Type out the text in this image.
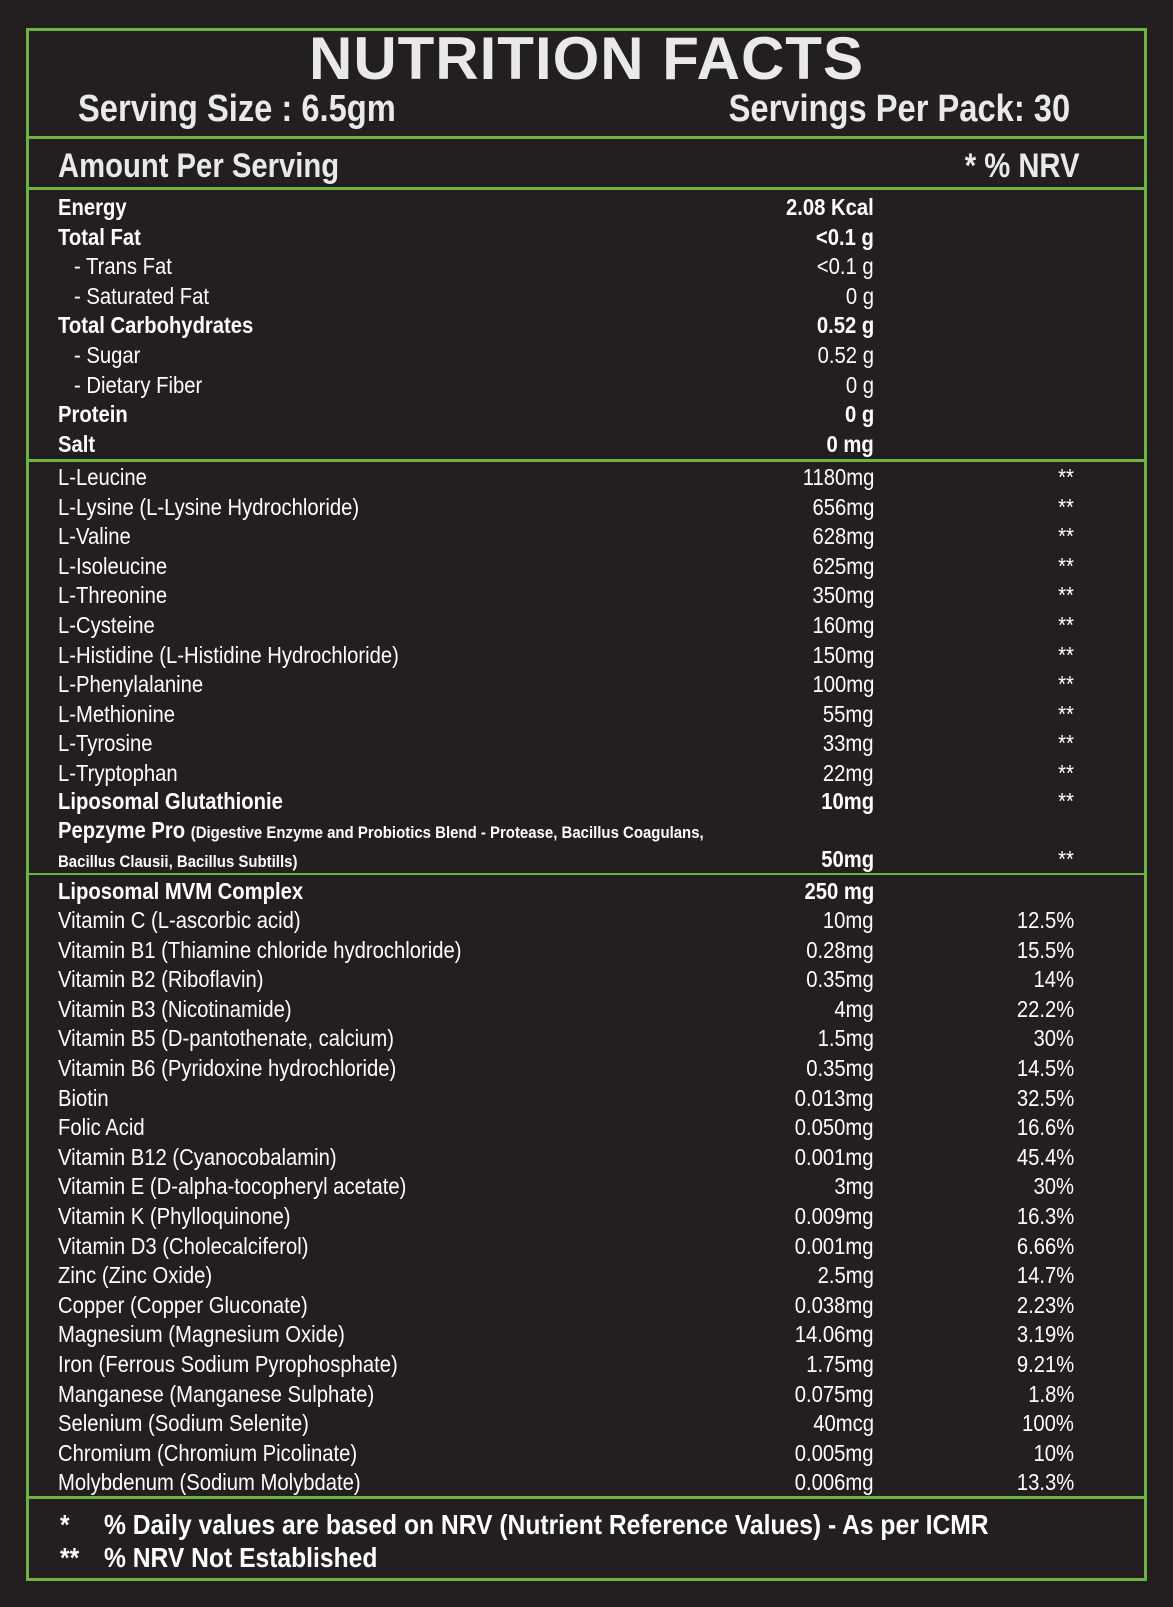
NUTRITION FACTS
Serving Size : 6.5gm	Servings Per Pack: 30
Amount Per Serving	* % NRV
Energy	2.08 Kcal
Total Fat	<0.1 g
- Trans Fat	<0.1 g
- Saturated Fat	0 g
Total Carbohydrates	0.52 g
- Sugar	0.52 g
- Dietary Fiber	0 g
Protein	0 g
Salt	0 mg
L-Leucine	1180mg	**
L-Lysine (L-Lysine Hydrochloride)	656mg	**
L-Valine	628mg	**
L-Isoleucine	625mg	**
L-Threonine	350mg	**
L-Cysteine	160mg	**
L-Histidine (L-Histidine Hydrochloride)	150mg	**
L-Phenylalanine	100mg	**
L-Methionine	55mg	**
L-Tyrosine	33mg	**
L-Tryptophan	22mg	**
Liposomal Glutathionie	10mg	**
Pepzyme Pro (Digestive Enzyme and Probiotics Blend - Protease, Bacillus Coagulans,
Bacillus Clausii, Bacillus Subtills)	50mg	**
Liposomal MVM Complex	250 mg
Vitamin C (L-ascorbic acid)	10mg	12.5%
Vitamin B1 (Thiamine chloride hydrochloride)	0.28mg	15.5%
Vitamin B2 (Riboflavin)	0.35mg	14%
Vitamin B3 (Nicotinamide)	4mg	22.2%
Vitamin B5 (D-pantothenate, calcium)	1.5mg	30%
Vitamin B6 (Pyridoxine hydrochloride)	0.35mg	14.5%
Biotin	0.013mg	32.5%
Folic Acid	0.050mg	16.6%
Vitamin B12 (Cyanocobalamin)	0.001mg	45.4%
Vitamin E (D-alpha-tocopheryl acetate)	3mg	30%
Vitamin K (Phylloquinone)	0.009mg	16.3%
Vitamin D3 (Cholecalciferol)	0.001mg	6.66%
Zinc (Zinc Oxide)	2.5mg	14.7%
Copper (Copper Gluconate)	0.038mg	2.23%
Magnesium (Magnesium Oxide)	14.06mg	3.19%
Iron (Ferrous Sodium Pyrophosphate)	1.75mg	9.21%
Manganese (Manganese Sulphate)	0.075mg	1.8%
Selenium (Sodium Selenite)	40mcg	100%
Chromium (Chromium Picolinate)	0.005mg	10%
Molybdenum (Sodium Molybdate)	0.006mg	13.3%
* % Daily values are based on NRV (Nutrient Reference Values) - As per ICMR
** % NRV Not Established
